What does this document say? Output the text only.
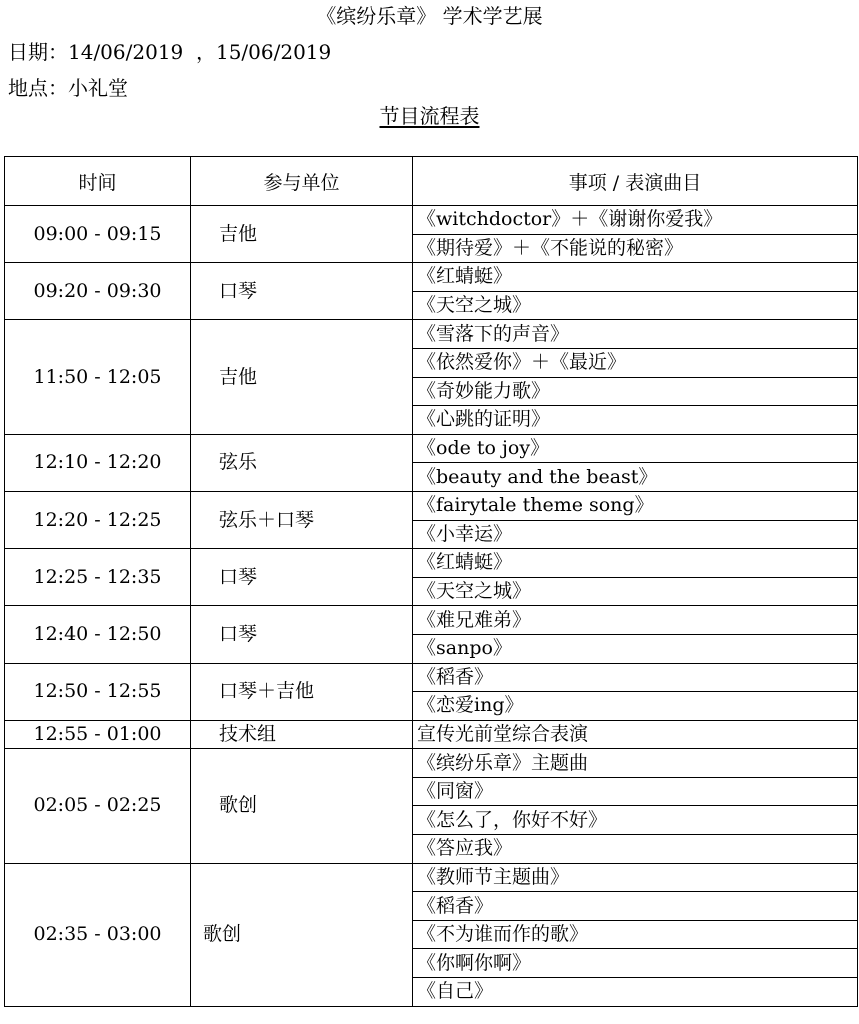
《缤纷乐章》 学术学艺展
日期：14/06/2019  ，15/06/2019
地点：小礼堂
节目流程表
时间	参与单位	事项 / 表演曲目
09:00 - 09:15	吉他	《witchdoctor》＋《谢谢你爱我》
		《期待爱》＋《不能说的秘密》
09:20 - 09:30	口琴	《红蜻蜓》
		《天空之城》
11:50 - 12:05	吉他	《雪落下的声音》
		《依然爱你》＋《最近》
		《奇妙能力歌》
		《心跳的证明》
12:10 - 12:20	弦乐	《ode to joy》
		《beauty and the beast》
12:20 - 12:25	弦乐＋口琴	《fairytale theme song》
		《小幸运》
12:25 - 12:35	口琴	《红蜻蜓》
		《天空之城》
12:40 - 12:50	口琴	《难兄难弟》
		《sanpo》
12:50 - 12:55	口琴＋吉他	《稻香》
		《恋爱ing》
12:55 - 01:00	技术组	宣传光前堂综合表演
02:05 - 02:25	歌创	《缤纷乐章》主题曲
		《同窗》
		《怎么了，你好不好》
		《答应我》
02:35 - 03:00	歌创	《教师节主题曲》
		《稻香》
		《不为谁而作的歌》
		《你啊你啊》
		《自己》
